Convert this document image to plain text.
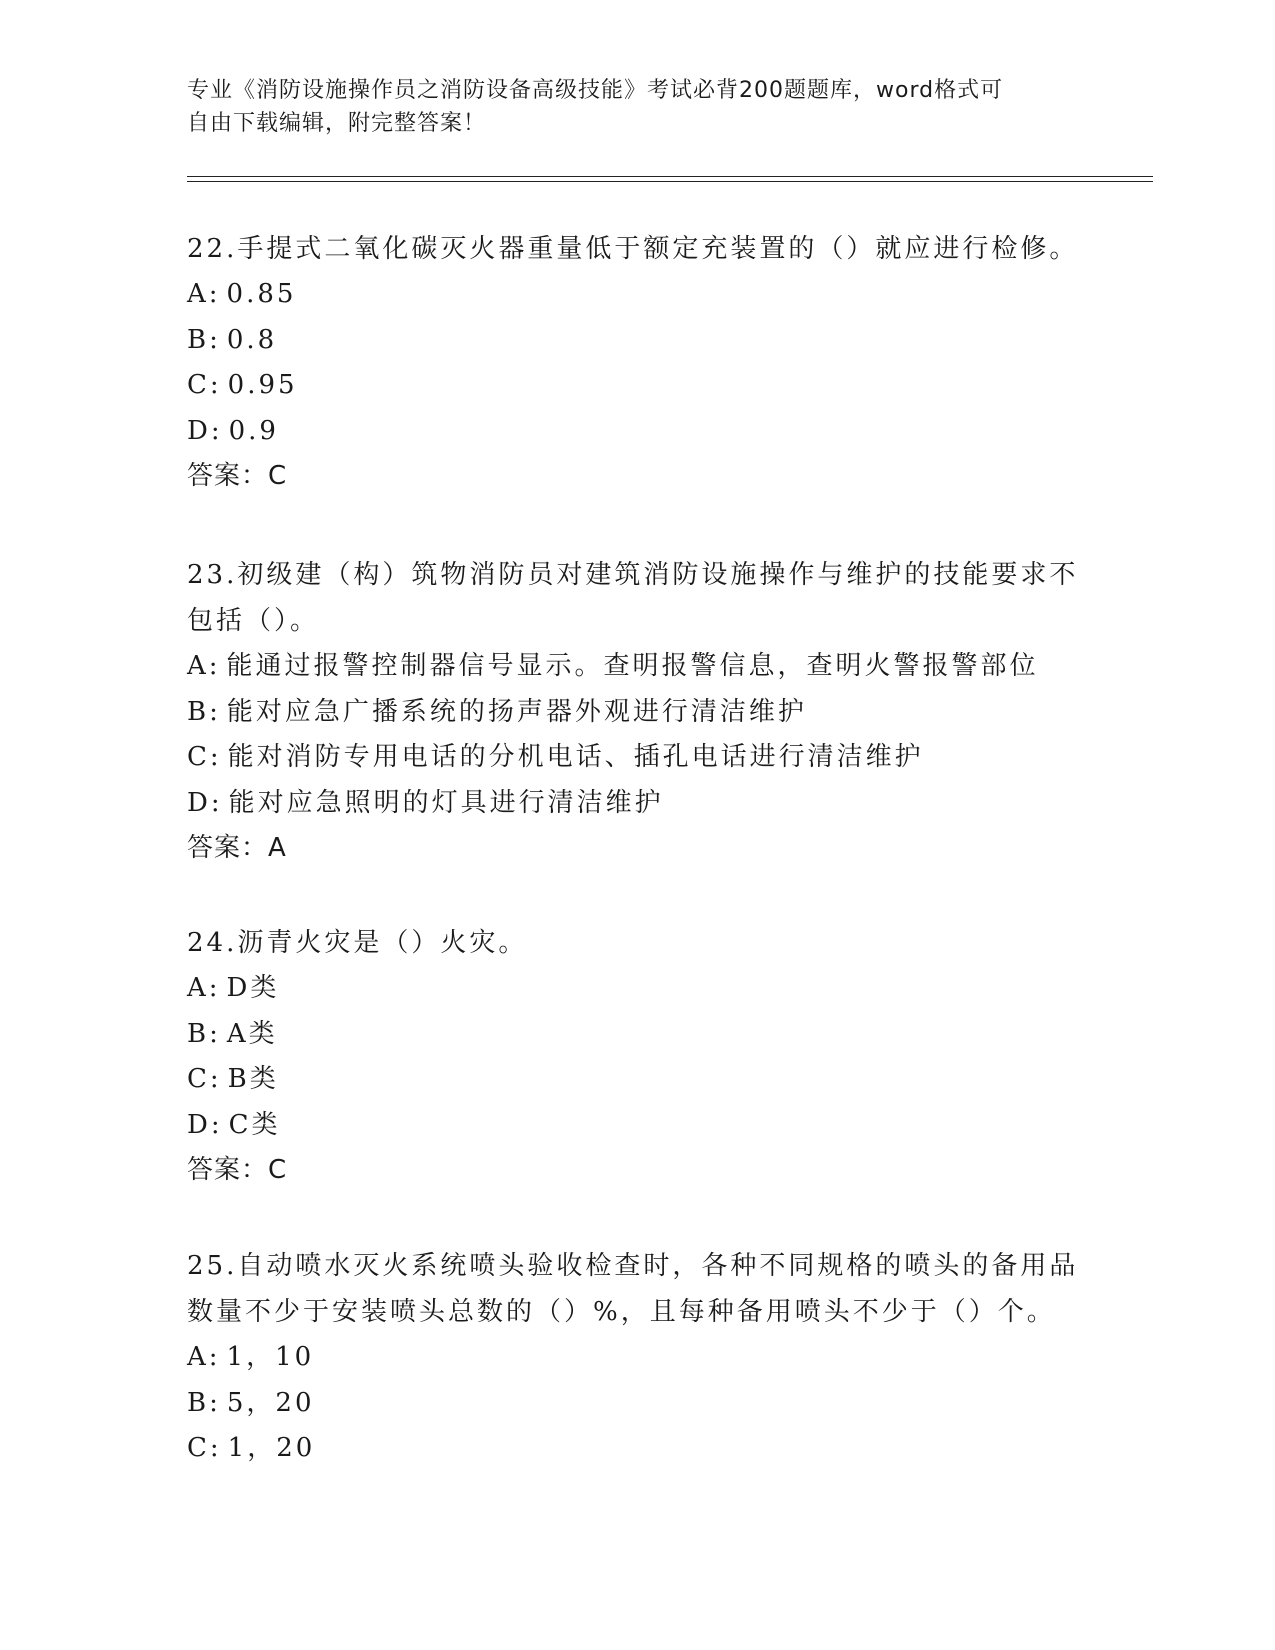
专业《消防设施操作员之消防设备高级技能》考试必背200题题库，word格式可
自由下载编辑，附完整答案！
22.手提式二氧化碳灭火器重量低于额定充装置的（）就应进行检修。
A: 0.85
B: 0.8
C: 0.95
D: 0.9
答案：C
23.初级建（构）筑物消防员对建筑消防设施操作与维护的技能要求不包括（）。
A: 能通过报警控制器信号显示。查明报警信息，查明火警报警部位
B: 能对应急广播系统的扬声器外观进行清洁维护
C: 能对消防专用电话的分机电话、插孔电话进行清洁维护
D: 能对应急照明的灯具进行清洁维护
答案：A
24.沥青火灾是（）火灾。
A: D类
B: A类
C: B类
D: C类
答案：C
25.自动喷水灭火系统喷头验收检查时，各种不同规格的喷头的备用品数量不少于安装喷头总数的（）%，且每种备用喷头不少于（）个。
A: 1，10
B: 5，20
C: 1，20
